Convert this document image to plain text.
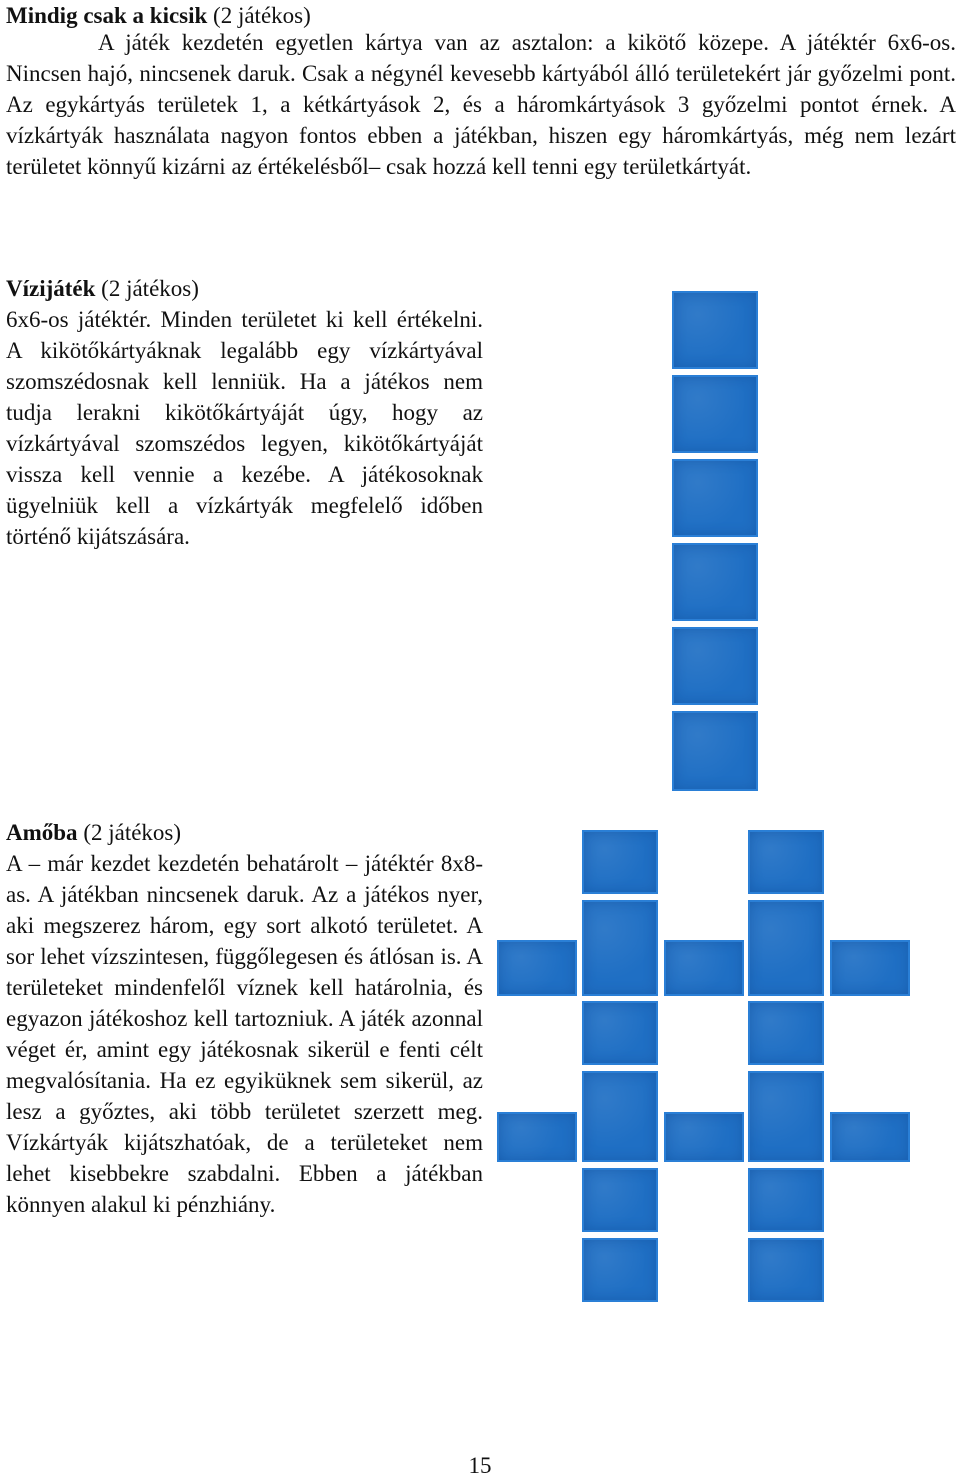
Mindig csak a kicsik (2 játékos)

A játék kezdetén egyetlen kártya van az asztalon: a kikötő közepe. A játéktér 6x6-os. Nincsen hajó, nincsenek daruk. Csak a négynél kevesebb kártyából álló területekért jár győzelmi pont. Az egykártyás területek 1, a kétkártyások 2, és a háromkártyások 3 győzelmi pontot érnek. A vízkártyák használata nagyon fontos ebben a játékban, hiszen egy háromkártyás, még nem lezárt területet könnyű kizárni az értékelésből– csak hozzá kell tenni egy területkártyát.

Vízijáték (2 játékos)

6x6-os játéktér. Minden területet ki kell értékelni. A kikötőkártyáknak legalább egy vízkártyával szomszédosnak kell lenniük. Ha a játékos nem tudja lerakni kikötőkártyáját úgy, hogy az vízkártyával szomszédos legyen, kikötőkártyáját vissza kell vennie a kezébe. A játékosoknak ügyelniük kell a vízkártyák megfelelő időben történő kijátszására.

Amőba (2 játékos)

A – már kezdet kezdetén behatárolt – játéktér 8x8-as. A játékban nincsenek daruk. Az a játékos nyer, aki megszerez három, egy sort alkotó területet. A sor lehet vízszintesen, függőlegesen és átlósan is. A területeket mindenfelől víznek kell határolnia, és egyazon játékoshoz kell tartozniuk. A játék azonnal véget ér, amint egy játékosnak sikerül e fenti célt megvalósítania. Ha ez egyiküknek sem sikerül, az lesz a győztes, aki több területet szerzett meg. Vízkártyák kijátszhatóak, de a területeket nem lehet kisebbekre szabdalni. Ebben a játékban könnyen alakul ki pénzhiány.

15
